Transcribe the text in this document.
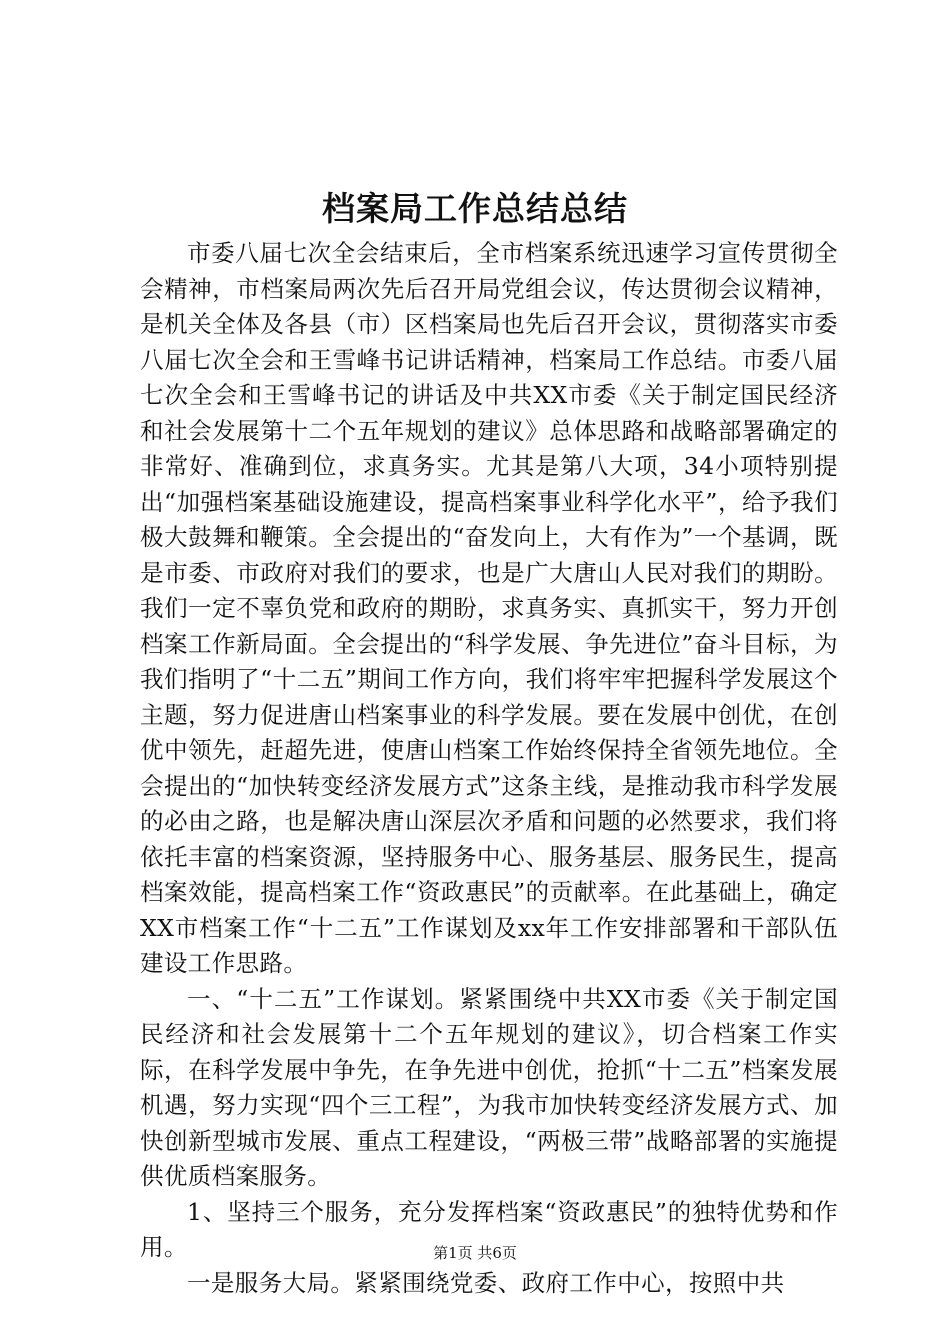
档案局工作总结总结

市委八届七次全会结束后，全市档案系统迅速学习宣传贯彻全会精神，市档案局两次先后召开局党组会议，传达贯彻会议精神，是机关全体及各县（市）区档案局也先后召开会议，贯彻落实市委八届七次全会和王雪峰书记讲话精神，档案局工作总结。市委八届七次全会和王雪峰书记的讲话及中共XX市委《关于制定国民经济和社会发展第十二个五年规划的建议》总体思路和战略部署确定的非常好、准确到位，求真务实。尤其是第八大项，34小项特别提出“加强档案基础设施建设，提高档案事业科学化水平”，给予我们极大鼓舞和鞭策。全会提出的“奋发向上，大有作为”一个基调，既是市委、市政府对我们的要求，也是广大唐山人民对我们的期盼。我们一定不辜负党和政府的期盼，求真务实、真抓实干，努力开创档案工作新局面。全会提出的“科学发展、争先进位”奋斗目标，为我们指明了“十二五”期间工作方向，我们将牢牢把握科学发展这个主题，努力促进唐山档案事业的科学发展。要在发展中创优，在创优中领先，赶超先进，使唐山档案工作始终保持全省领先地位。全会提出的“加快转变经济发展方式”这条主线，是推动我市科学发展的必由之路，也是解决唐山深层次矛盾和问题的必然要求，我们将依托丰富的档案资源，坚持服务中心、服务基层、服务民生，提高档案效能，提高档案工作“资政惠民”的贡献率。在此基础上，确定XX市档案工作“十二五”工作谋划及xx年工作安排部署和干部队伍建设工作思路。

一、“十二五”工作谋划。紧紧围绕中共XX市委《关于制定国民经济和社会发展第十二个五年规划的建议》，切合档案工作实际，在科学发展中争先，在争先进中创优，抢抓“十二五”档案发展机遇，努力实现“四个三工程”，为我市加快转变经济发展方式、加快创新型城市发展、重点工程建设，“两极三带”战略部署的实施提供优质档案服务。

1、坚持三个服务，充分发挥档案“资政惠民”的独特优势和作用。

一是服务大局。紧紧围绕党委、政府工作中心，按照中共

第1页 共6页
